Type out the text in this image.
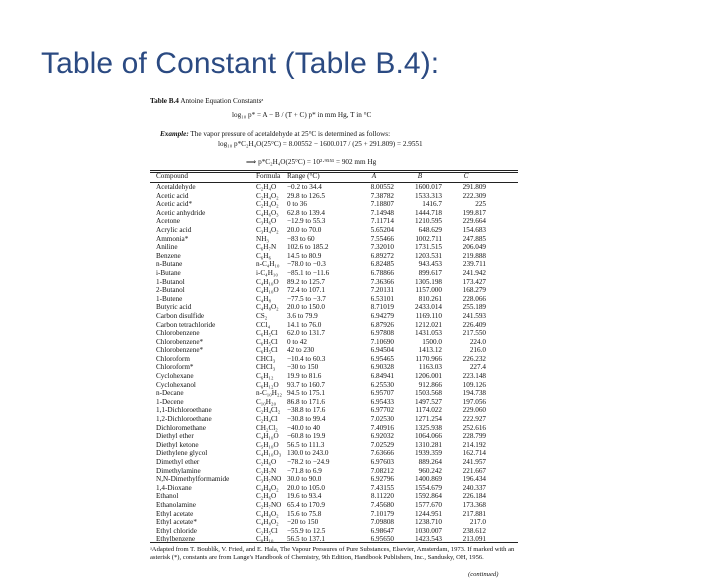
Table of Constant (Table B.4):
Table B.4 Antoine Equation Constantsᵃ
log₁₀ p* = A − B / (T + C) p* in mm Hg, T in °C
Example: The vapor pressure of acetaldehyde at 25°C is determined as follows:
log₁₀ p*C₂H₄O(25°C) = 8.00552 − 1600.017 / (25 + 291.809) = 2.9551
⟹ p*C₂H₄O(25°C) = 10²·⁹⁵⁵¹ = 902 mm Hg
Compound	Formula Range (°C)	A	B	C
Acetaldehyde	C₂H₄O −0.2 to 34.4	8.00552	1600.017	291.809
Acetic acid	C₂H₄O₂ 29.8 to 126.5	7.38782	1533.313	222.309
Acetic acid*	C₂H₄O₂ 0 to 36	7.18807	1416.7	225
Acetic anhydride	C₄H₆O₃ 62.8 to 139.4	7.14948	1444.718	199.817
Acetone	C₃H₆O −12.9 to 55.3	7.11714	1210.595	229.664
Acrylic acid	C₃H₄O₂ 20.0 to 70.0	5.65204	648.629	154.683
Ammonia*	NH₃	−83 to 60	7.55466	1002.711	247.885
Aniline	C₆H₇N 102.6 to 185.2	7.32010	1731.515	206.049
Benzene	C₆H₆ 14.5 to 80.9	6.89272	1203.531	219.888
n-Butane	n-C₄H₁₀ −78.0 to −0.3	6.82485	943.453	239.711
i-Butane	i-C₄H₁₀ −85.1 to −11.6	6.78866	899.617	241.942
1-Butanol	C₄H₁₀O 89.2 to 125.7	7.36366	1305.198	173.427
2-Butanol	C₄H₁₀O 72.4 to 107.1	7.20131	1157.000	168.279
1-Butene	C₄H₈ −77.5 to −3.7	6.53101	810.261	228.066
Butyric acid	C₄H₈O₂ 20.0 to 150.0	8.71019	2433.014	255.189
Carbon disulfide	CS₂	3.6 to 79.9	6.94279	1169.110	241.593
Carbon tetrachloride	CCl₄ 14.1 to 76.0	6.87926	1212.021	226.409
Chlorobenzene	C₆H₅Cl 62.0 to 131.7	6.97808	1431.053	217.550
Chlorobenzene*	C₆H₅Cl 0 to 42	7.10690	1500.0	224.0
Chlorobenzene*	C₆H₅Cl 42 to 230	6.94504	1413.12	216.0
Chloroform	CHCl₃ −10.4 to 60.3	6.95465	1170.966	226.232
Chloroform*	CHCl₃ −30 to 150	6.90328	1163.03	227.4
Cyclohexane	C₆H₁₂ 19.9 to 81.6	6.84941	1206.001	223.148
Cyclohexanol	C₆H₁₂O 93.7 to 160.7	6.25530	912.866	109.126
n-Decane	n-C₁₀H₂₂ 94.5 to 175.1	6.95707	1503.568	194.738
1-Decene	C₁₀H₂₀ 86.8 to 171.6	6.95433	1497.527	197.056
1,1-Dichloroethane	C₂H₄Cl₂ −38.8 to 17.6	6.97702	1174.022	229.060
1,2-Dichloroethane	C₂H₄Cl −30.8 to 99.4	7.02530	1271.254	222.927
Dichloromethane	CH₂Cl₂ −40.0 to 40	7.40916	1325.938	252.616
Diethyl ether	C₄H₁₀O −60.8 to 19.9	6.92032	1064.066	228.799
Diethyl ketone	C₅H₁₀O 56.5 to 111.3	7.02529	1310.281	214.192
Diethylene glycol	C₄H₁₀O₃ 130.0 to 243.0	7.63666	1939.359	162.714
Dimethyl ether	C₂H₆O −78.2 to −24.9	6.97603	889.264	241.957
Dimethylamine	C₂H₇N −71.8 to 6.9	7.08212	960.242	221.667
N,N-Dimethylformamide	C₃H₇NO 30.0 to 90.0	6.92796	1400.869	196.434
1,4-Dioxane	C₄H₈O₂ 20.0 to 105.0	7.43155	1554.679	240.337
Ethanol	C₂H₆O 19.6 to 93.4	8.11220	1592.864	226.184
Ethanolamine	C₂H₇NO 65.4 to 170.9	7.45680	1577.670	173.368
Ethyl acetate	C₄H₈O₂ 15.6 to 75.8	7.10179	1244.951	217.881
Ethyl acetate*	C₄H₈O₂ −20 to 150	7.09808	1238.710	217.0
Ethyl chloride	C₂H₅Cl −55.9 to 12.5	6.98647	1030.007	238.612
Ethylbenzene	C₈H₁₀ 56.5 to 137.1	6.95650	1423.543	213.091
ᵃAdapted from T. Boublík, V. Fried, and E. Hala, The Vapour Pressures of Pure Substances, Elsevier, Amsterdam, 1973. If marked with an asterisk (*), constants are from Lange's Handbook of Chemistry, 9th Edition, Handbook Publishers, Inc., Sandusky, OH, 1956.
(continued)
